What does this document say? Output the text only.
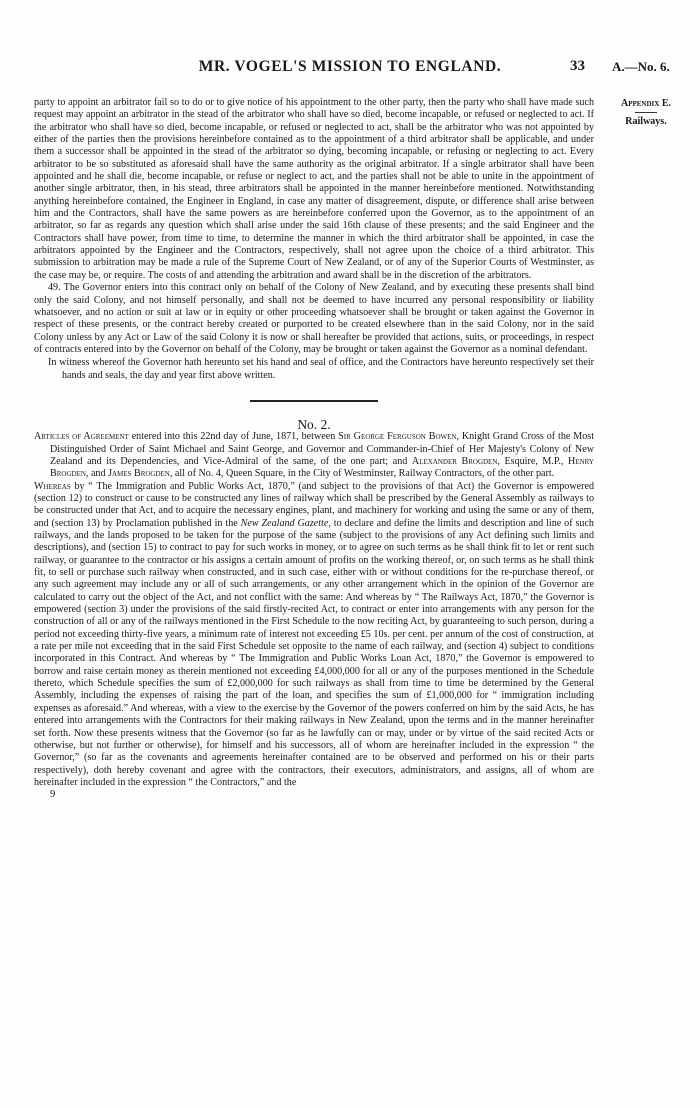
MR. VOGEL'S MISSION TO ENGLAND.	33 A.—No. 6.
Appendix E.
Railways.

party to appoint an arbitrator fail so to do or to give notice of his appointment to the other party, then the party who shall have made such request may appoint an arbitrator in the stead of the arbitrator who shall have so died, become incapable, or refused or neglected to act. If the arbitrator who shall have so died, become incapable, or refused or neglected to act, shall be the arbitrator who was not appointed by either of the parties then the provisions hereinbefore contained as to the appointment of a third arbitrator shall be applicable, and under them a successor shall be appointed in the stead of the arbitrator so dying, becoming incapable, or refusing or neglecting to act. Every arbitrator to be so substituted as aforesaid shall have the same authority as the original arbitrator. If a single arbitrator shall have been appointed and he shall die, become incapable, or refuse or neglect to act, and the parties shall not be able to unite in the appointment of another single arbitrator, then, in his stead, three arbitrators shall be appointed in the manner hereinbefore mentioned. Notwithstanding anything hereinbefore contained, the Engineer in England, in case any matter of disagreement, dispute, or difference shall arise between him and the Contractors, shall have the same powers as are hereinbefore conferred upon the Governor, as to the appointment of an arbitrator, so far as regards any question which shall arise under the said 16th clause of these presents; and the said Engineer and the Contractors shall have power, from time to time, to determine the manner in which the third arbitrator shall be appointed, in case the arbitrators appointed by the Engineer and the Contractors, respectively, shall not agree upon the choice of a third arbitrator. This submission to arbitration may be made a rule of the Supreme Court of New Zealand, or of any of the Superior Courts of Westminster, as the case may be, or require. The costs of and attending the arbitration and award shall be in the discretion of the arbitrators.

49. The Governor enters into this contract only on behalf of the Colony of New Zealand, and by executing these presents shall bind only the said Colony, and not himself personally, and shall not be deemed to have incurred any personal responsibility or liability whatsoever, and no action or suit at law or in equity or other proceeding whatsoever shall be brought or taken against the Governor in respect of these presents, or the contract hereby created or purported to be created elsewhere than in the said Colony, nor in the said Colony unless by any Act or Law of the said Colony it is now or shall hereafter be provided that actions, suits, or proceedings, in respect of contracts entered into by the Governor on behalf of the Colony, may be brought or taken against the Governor as a nominal defendant.

In witness whereof the Governor hath hereunto set his hand and seal of office, and the Contractors have hereunto respectively set their hands and seals, the day and year first above written.

No. 2.

Articles of Agreement entered into this 22nd day of June, 1871, between Sir George Ferguson Bowen, Knight Grand Cross of the Most Distinguished Order of Saint Michael and Saint George, and Governor and Commander-in-Chief of Her Majesty's Colony of New Zealand and its Dependencies, and Vice-Admiral of the same, of the one part; and Alexander Brogden, Esquire, M.P., Henry Brogden, and James Brogden, all of No. 4, Queen Square, in the City of Westminster, Railway Contractors, of the other part.

Whereas by “ The Immigration and Public Works Act, 1870,” (and subject to the provisions of that Act) the Governor is empowered (section 12) to construct or cause to be constructed any lines of railway which shall be prescribed by the General Assembly as railways to be constructed under that Act, and to acquire the necessary engines, plant, and machinery for working and using the same or any of them, and (section 13) by Proclamation published in the New Zealand Gazette, to declare and define the limits and description and line of such railways, and the lands proposed to be taken for the purpose of the same (subject to the provisions of any Act defining such limits and descriptions), and (section 15) to contract to pay for such works in money, or to agree on such terms as he shall think fit to let or rent such railway, or guarantee to the contractor or his assigns a certain amount of profits on the working thereof, or, on such terms as he shall think fit, to sell or purchase such railway when constructed, and in such case, either with or without conditions for the re-purchase thereof, or any such agreement may include any or all of such arrangements, or any other arrangement which in the opinion of the Governor are calculated to carry out the object of the Act, and not conflict with the same: And whereas by “ The Railways Act, 1870,” the Governor is empowered (section 3) under the provisions of the said firstly-recited Act, to contract or enter into arrangements with any person for the construction of all or any of the railways mentioned in the First Schedule to the now reciting Act, by guaranteeing to such person, during a period not exceeding thirty-five years, a minimum rate of interest not exceeding £5 10s. per cent. per annum of the cost of construction, at a rate per mile not exceeding that in the said First Schedule set opposite to the name of each railway, and (section 4) subject to conditions incorporated in this Contract. And whereas by “ The Immigration and Public Works Loan Act, 1870,” the Governor is empowered to borrow and raise certain money as therein mentioned not exceeding £4,000,000 for all or any of the purposes mentioned in the Schedule thereto, which Schedule specifies the sum of £2,000,000 for such railways as shall from time to time be determined by the General Assembly, including the expenses of raising the part of the loan, and specifies the sum of £1,000,000 for “ immigration including expenses as aforesaid.” And whereas, with a view to the exercise by the Governor of the powers conferred on him by the said Acts, he has entered into arrangements with the Contractors for their making railways in New Zealand, upon the terms and in the manner hereinafter set forth. Now these presents witness that the Governor (so far as he lawfully can or may, under or by virtue of the said recited Acts or otherwise, but not further or otherwise), for himself and his successors, all of whom are hereinafter included in the expression “ the Governor,” (so far as the covenants and agreements hereinafter contained are to be observed and performed on his or their parts respectively), doth hereby covenant and agree with the contractors, their executors, administrators, and assigns, all of whom are hereinafter included in the expression “ the Contractors,” and the

9
